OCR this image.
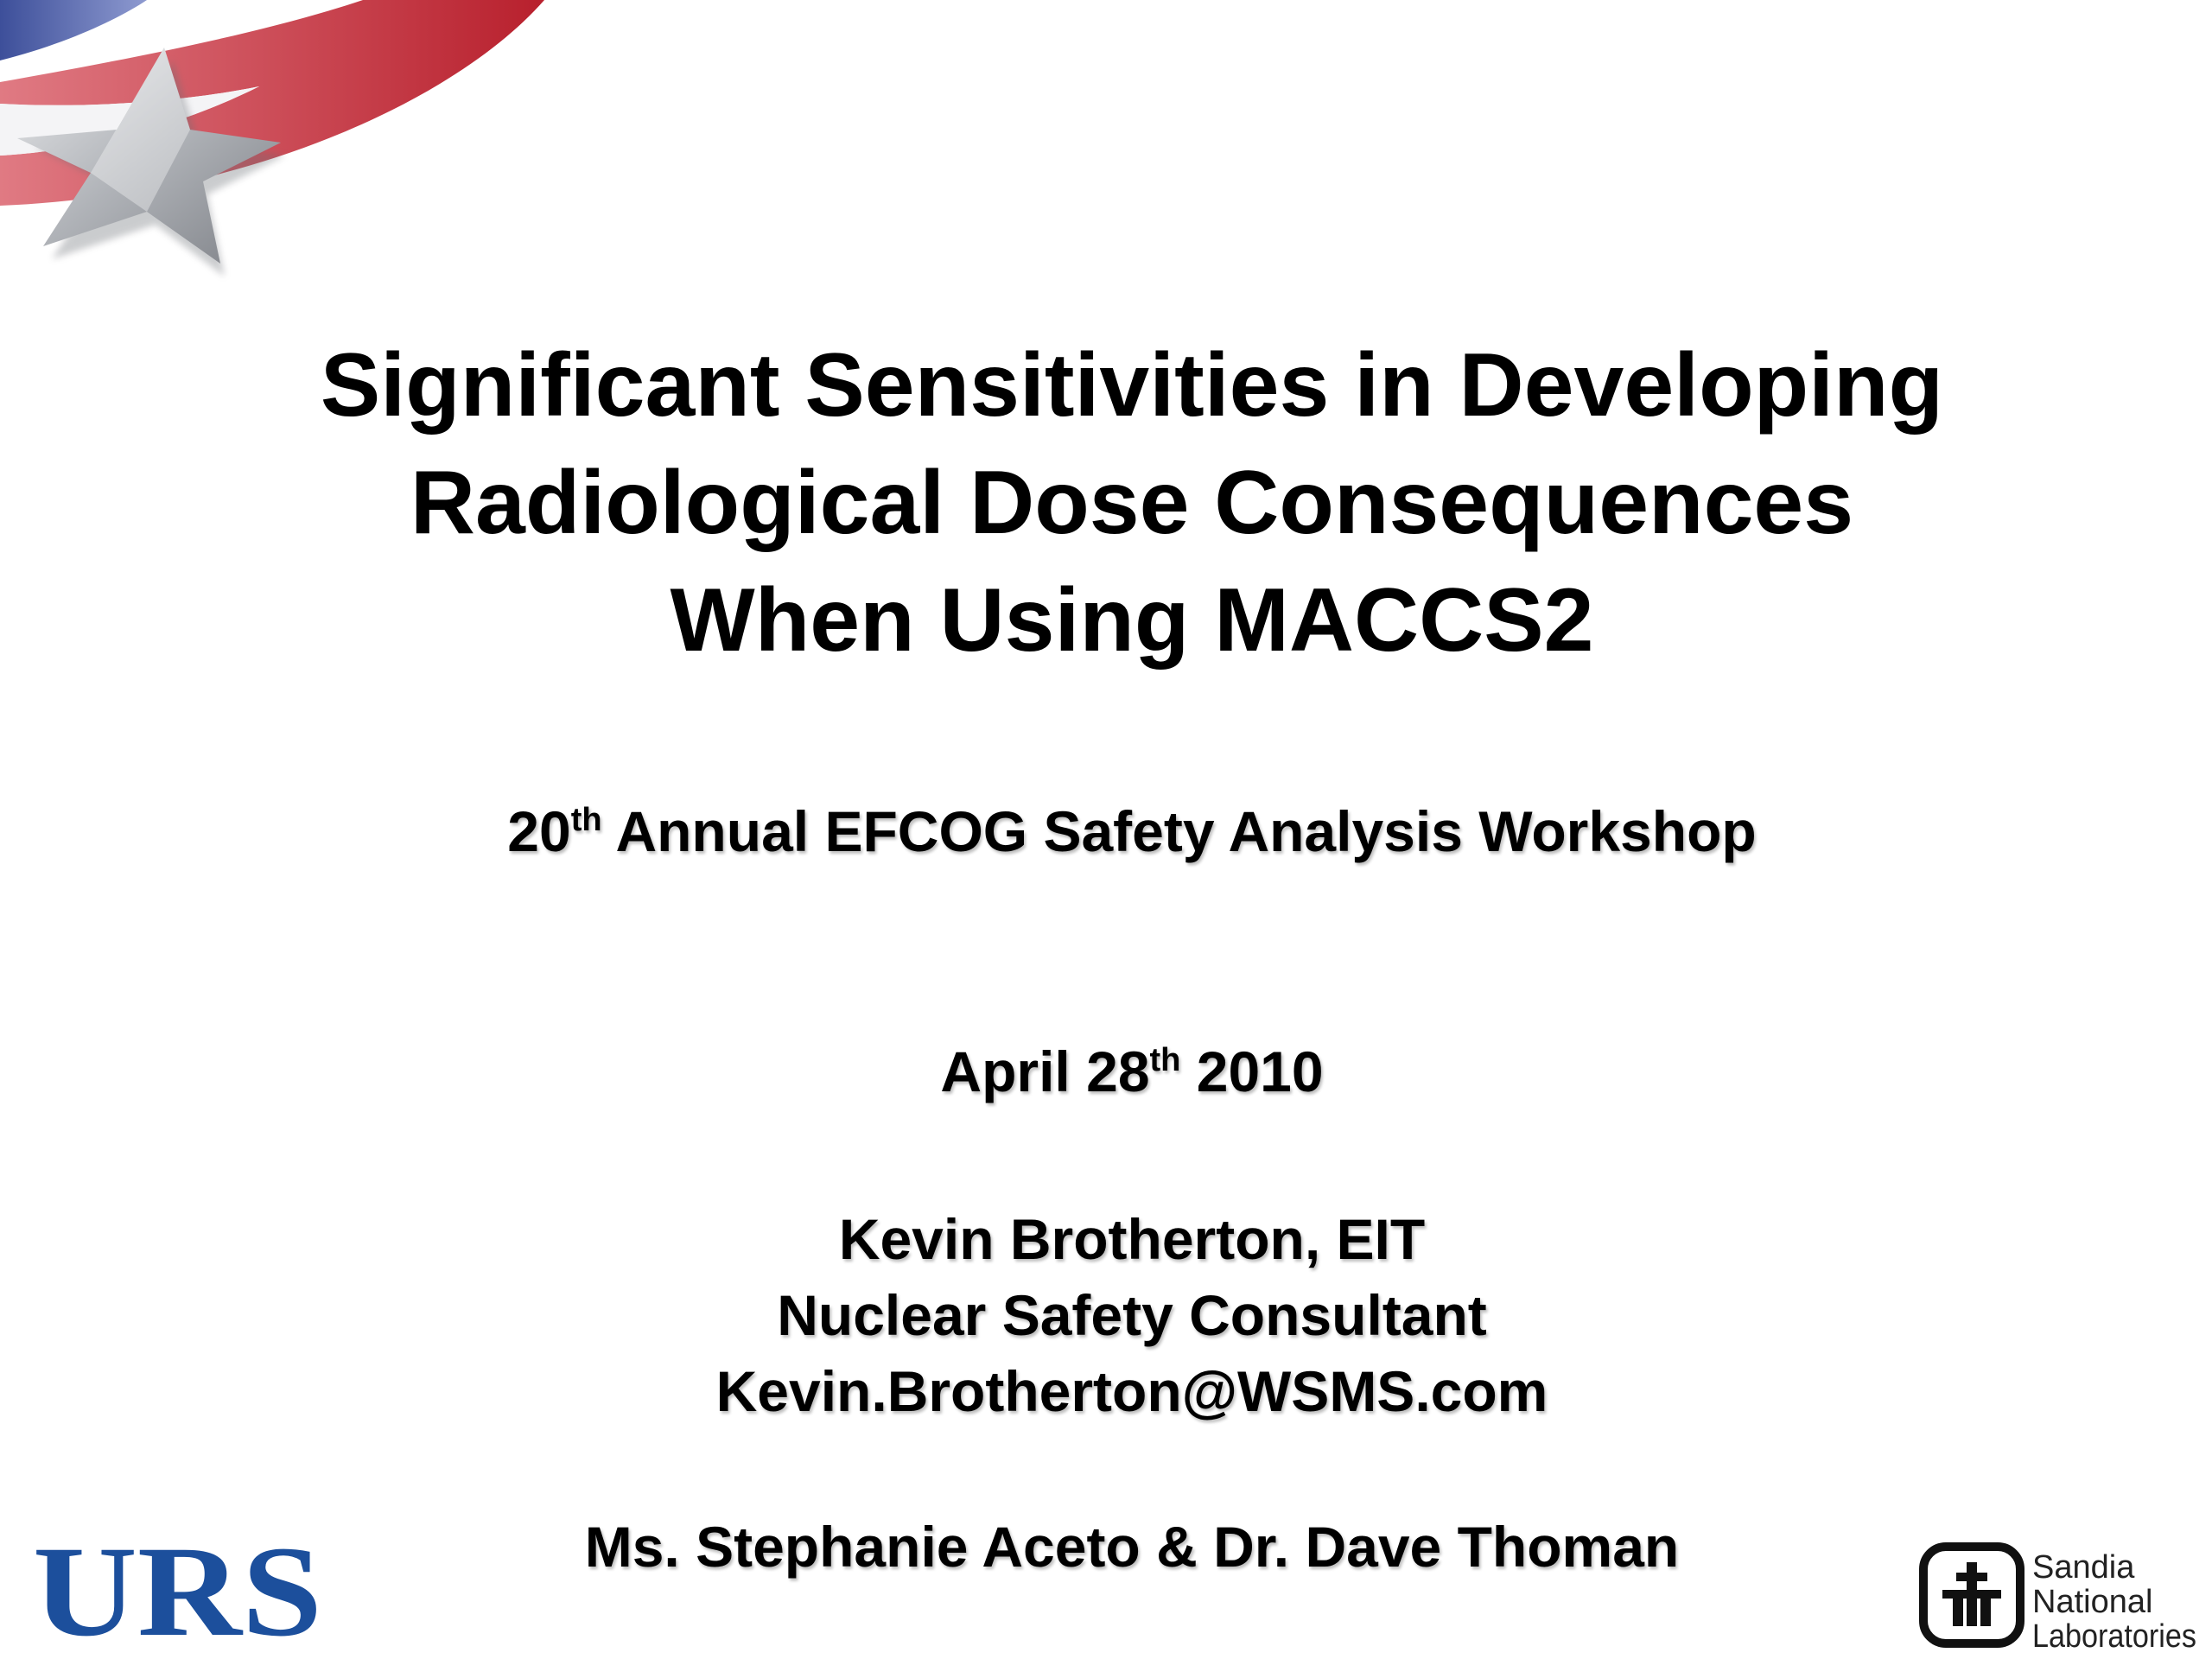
Significant Sensitivities in Developing
Radiological Dose Consequences
When Using MACCS2
20th Annual EFCOG Safety Analysis Workshop
April 28th 2010
Kevin Brotherton, EIT
Nuclear Safety Consultant
Kevin.Brotherton@WSMS.com
Ms. Stephanie Aceto & Dr. Dave Thoman
URS	Sandia
National
Laboratories
